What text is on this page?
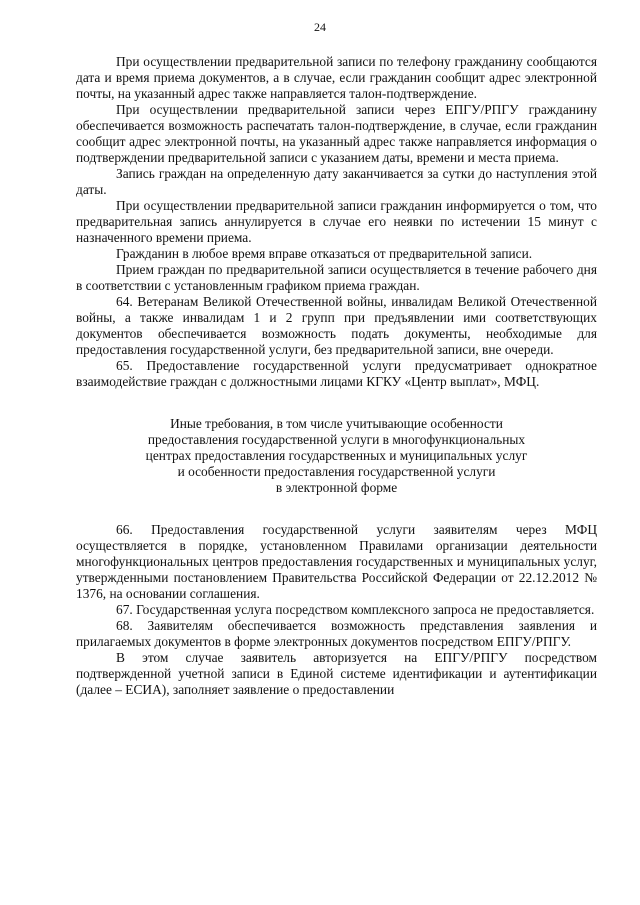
24

При осуществлении предварительной записи по телефону гражданину сообщаются дата и время приема документов, а в случае, если гражданин сообщит адрес электронной почты, на указанный адрес также направляется талон-подтверждение.

При осуществлении предварительной записи через ЕПГУ/РПГУ гражданину обеспечивается возможность распечатать талон-подтверждение, в случае, если гражданин сообщит адрес электронной почты, на указанный адрес также направляется информация о подтверждении предварительной записи с указанием даты, времени и места приема.

Запись граждан на определенную дату заканчивается за сутки до наступления этой даты.

При осуществлении предварительной записи гражданин информируется о том, что предварительная запись аннулируется в случае его неявки по истечении 15 минут с назначенного времени приема.

Гражданин в любое время вправе отказаться от предварительной записи.

Прием граждан по предварительной записи осуществляется в течение рабочего дня в соответствии с установленным графиком приема граждан.

64. Ветеранам Великой Отечественной войны, инвалидам Великой Отечественной войны, а также инвалидам 1 и 2 групп при предъявлении ими соответствующих документов обеспечивается возможность подать документы, необходимые для предоставления государственной услуги, без предварительной записи, вне очереди.

65. Предоставление государственной услуги предусматривает однократное взаимодействие граждан с должностными лицами КГКУ «Центр выплат», МФЦ.

Иные требования, в том числе учитывающие особенности
предоставления государственной услуги в многофункциональных
центрах предоставления государственных и муниципальных услуг
и особенности предоставления государственной услуги
в электронной форме

66. Предоставления государственной услуги заявителям через МФЦ осуществляется в порядке, установленном Правилами организации деятельности многофункциональных центров предоставления государственных и муниципальных услуг, утвержденными постановлением Правительства Российской Федерации от 22.12.2012 № 1376, на основании соглашения.

67. Государственная услуга посредством комплексного запроса не предоставляется.

68. Заявителям обеспечивается возможность представления заявления и прилагаемых документов в форме электронных документов посредством ЕПГУ/РПГУ.

В этом случае заявитель авторизуется на ЕПГУ/РПГУ посредством подтвержденной учетной записи в Единой системе идентификации и аутентификации (далее – ЕСИА), заполняет заявление о предоставлении
